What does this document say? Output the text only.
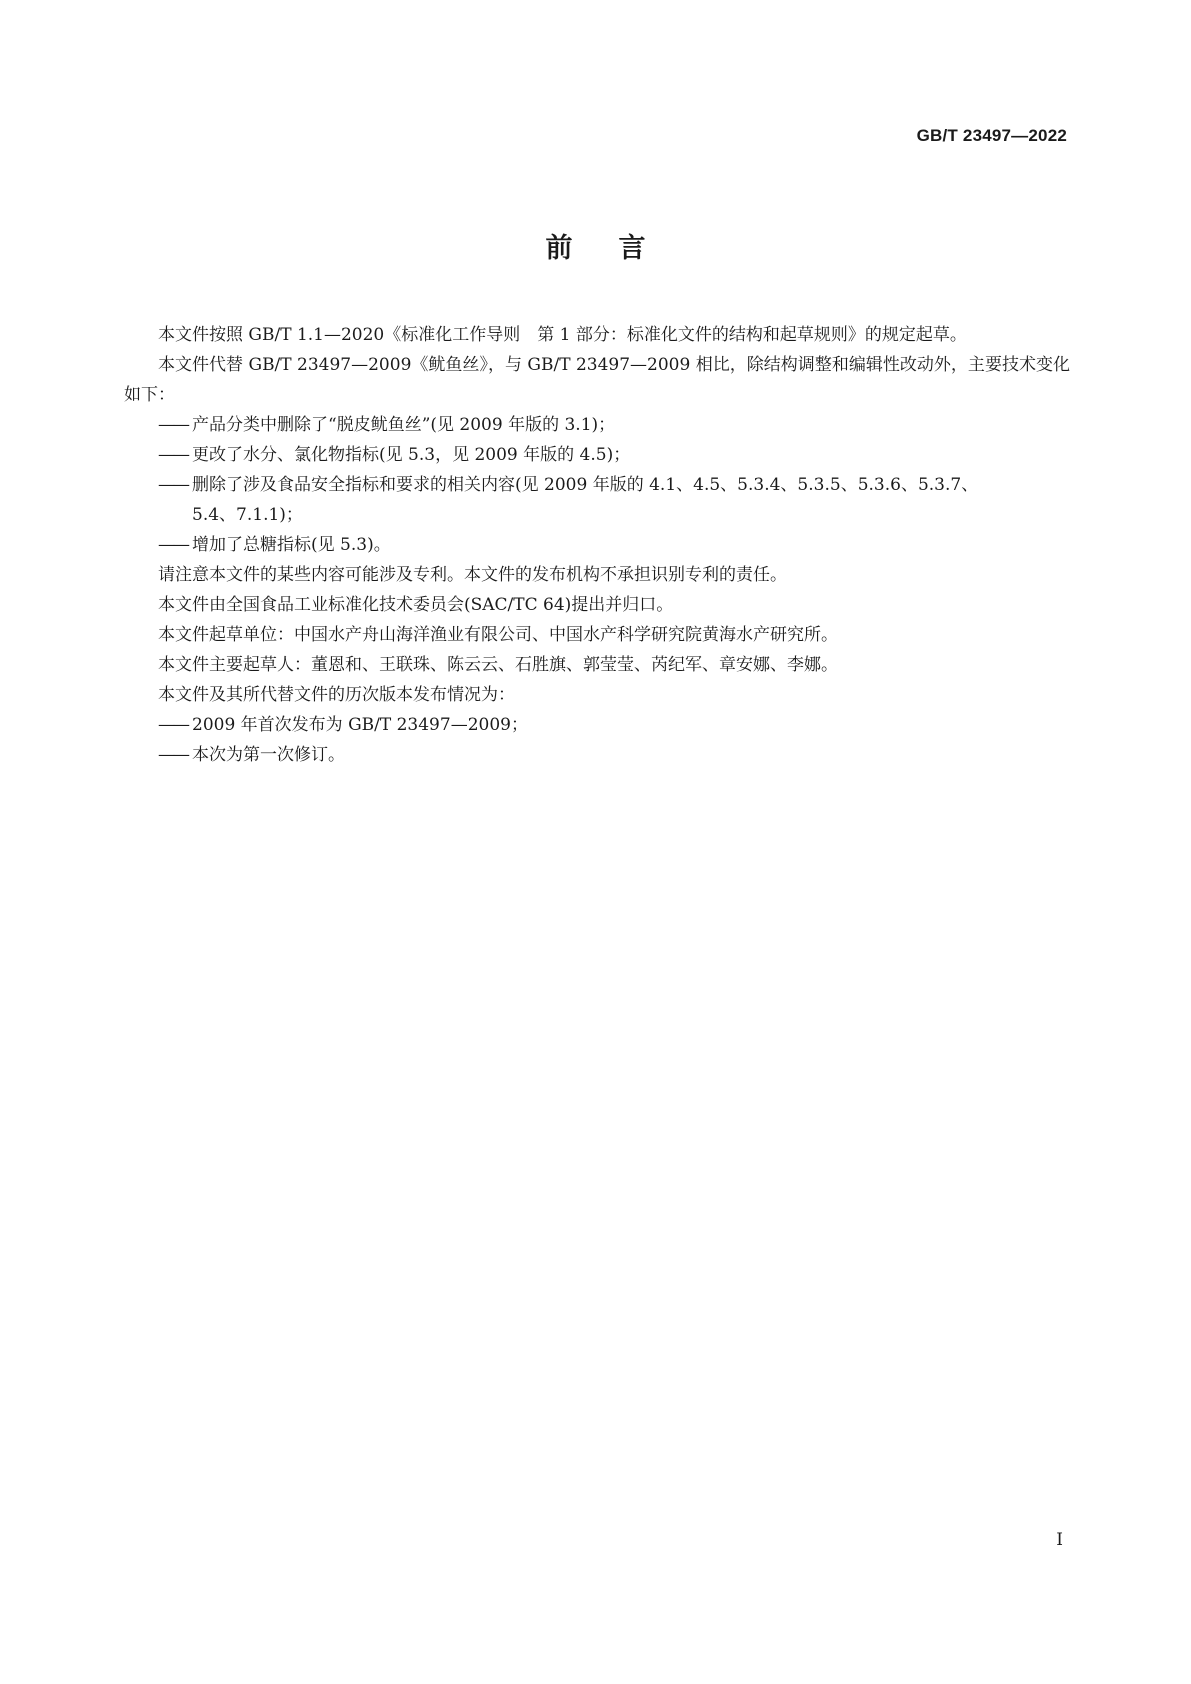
GB/T 23497—2022
前言

本文件按照 GB/T 1.1—2020《标准化工作导则　第 1 部分：标准化文件的结构和起草规则》的规定起草。

本文件代替 GB/T 23497—2009《鱿鱼丝》，与 GB/T 23497—2009 相比，除结构调整和编辑性改动外，主要技术变化如下：

—— 产品分类中删除了“脱皮鱿鱼丝”(见 2009 年版的 3.1)；
—— 更改了水分、氯化物指标(见 5.3，见 2009 年版的 4.5)；
—— 删除了涉及食品安全指标和要求的相关内容(见 2009 年版的 4.1、4.5、5.3.4、5.3.5、5.3.6、5.3.7、
5.4、7.1.1)；
—— 增加了总糖指标(见 5.3)。

请注意本文件的某些内容可能涉及专利。本文件的发布机构不承担识别专利的责任。

本文件由全国食品工业标准化技术委员会(SAC/TC 64)提出并归口。

本文件起草单位：中国水产舟山海洋渔业有限公司、中国水产科学研究院黄海水产研究所。

本文件主要起草人：董恩和、王联珠、陈云云、石胜旗、郭莹莹、芮纪军、章安娜、李娜。

本文件及其所代替文件的历次版本发布情况为：

—— 2009 年首次发布为 GB/T 23497—2009；
—— 本次为第一次修订。
I
